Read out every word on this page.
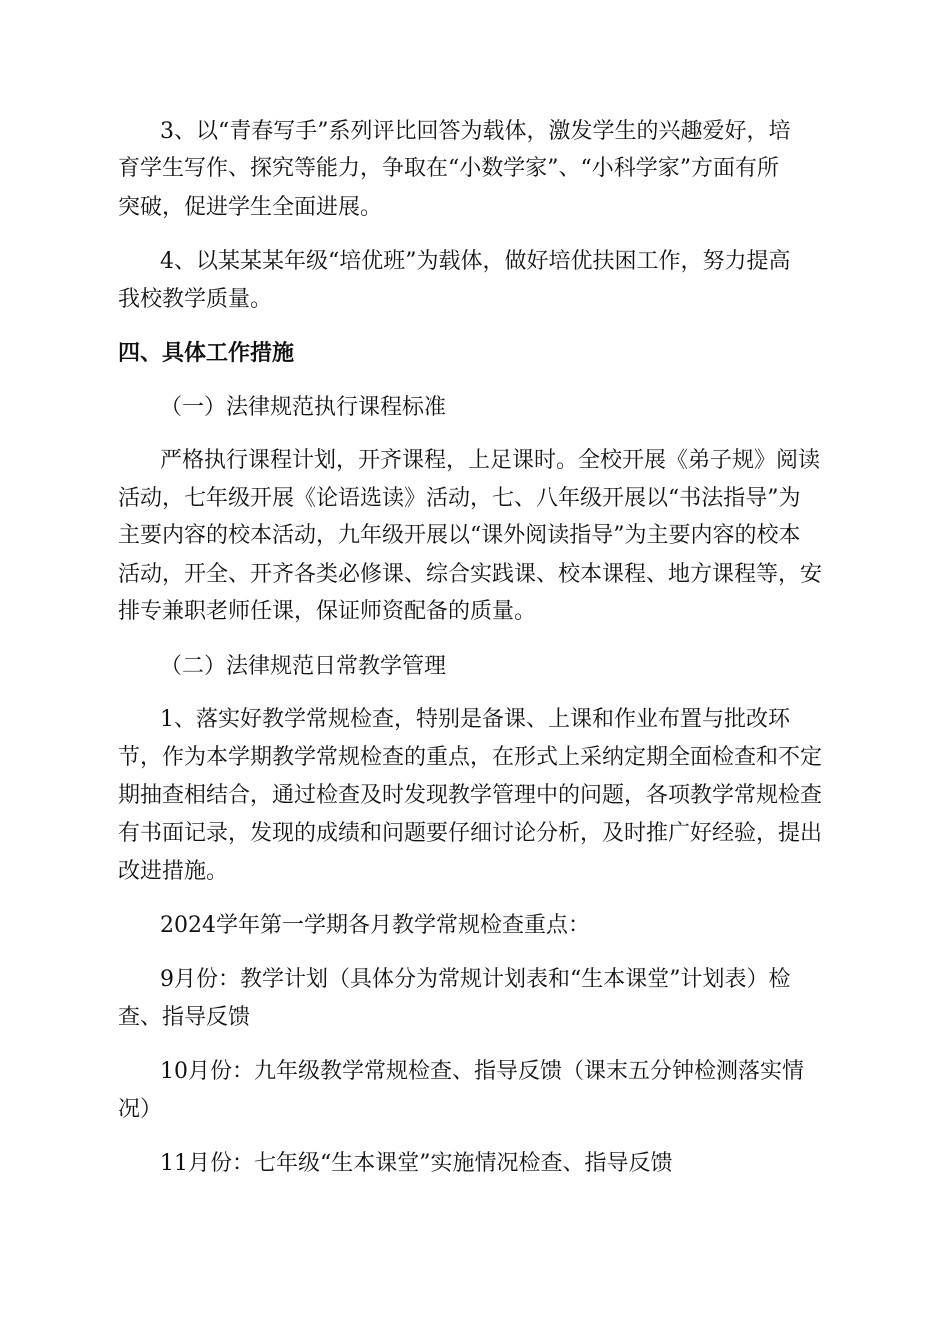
3、以“青春写手”系列评比回答为载体，激发学生的兴趣爱好，培
育学生写作、探究等能力，争取在“小数学家”、“小科学家”方面有所
突破，促进学生全面进展。
4、以某某某年级“培优班”为载体，做好培优扶困工作，努力提高
我校教学质量。
四、具体工作措施
（一）法律规范执行课程标准
严格执行课程计划，开齐课程，上足课时。全校开展《弟子规》阅读
活动，七年级开展《论语选读》活动，七、八年级开展以“书法指导”为
主要内容的校本活动，九年级开展以“课外阅读指导”为主要内容的校本
活动，开全、开齐各类必修课、综合实践课、校本课程、地方课程等，安
排专兼职老师任课，保证师资配备的质量。
（二）法律规范日常教学管理
1、落实好教学常规检查，特别是备课、上课和作业布置与批改环
节，作为本学期教学常规检查的重点，在形式上采纳定期全面检查和不定
期抽查相结合，通过检查及时发现教学管理中的问题，各项教学常规检查
有书面记录，发现的成绩和问题要仔细讨论分析，及时推广好经验，提出
改进措施。
2024学年第一学期各月教学常规检查重点：
9月份：教学计划（具体分为常规计划表和“生本课堂”计划表）检
查、指导反馈
10月份：九年级教学常规检查、指导反馈（课末五分钟检测落实情
况）
11月份：七年级“生本课堂”实施情况检查、指导反馈
